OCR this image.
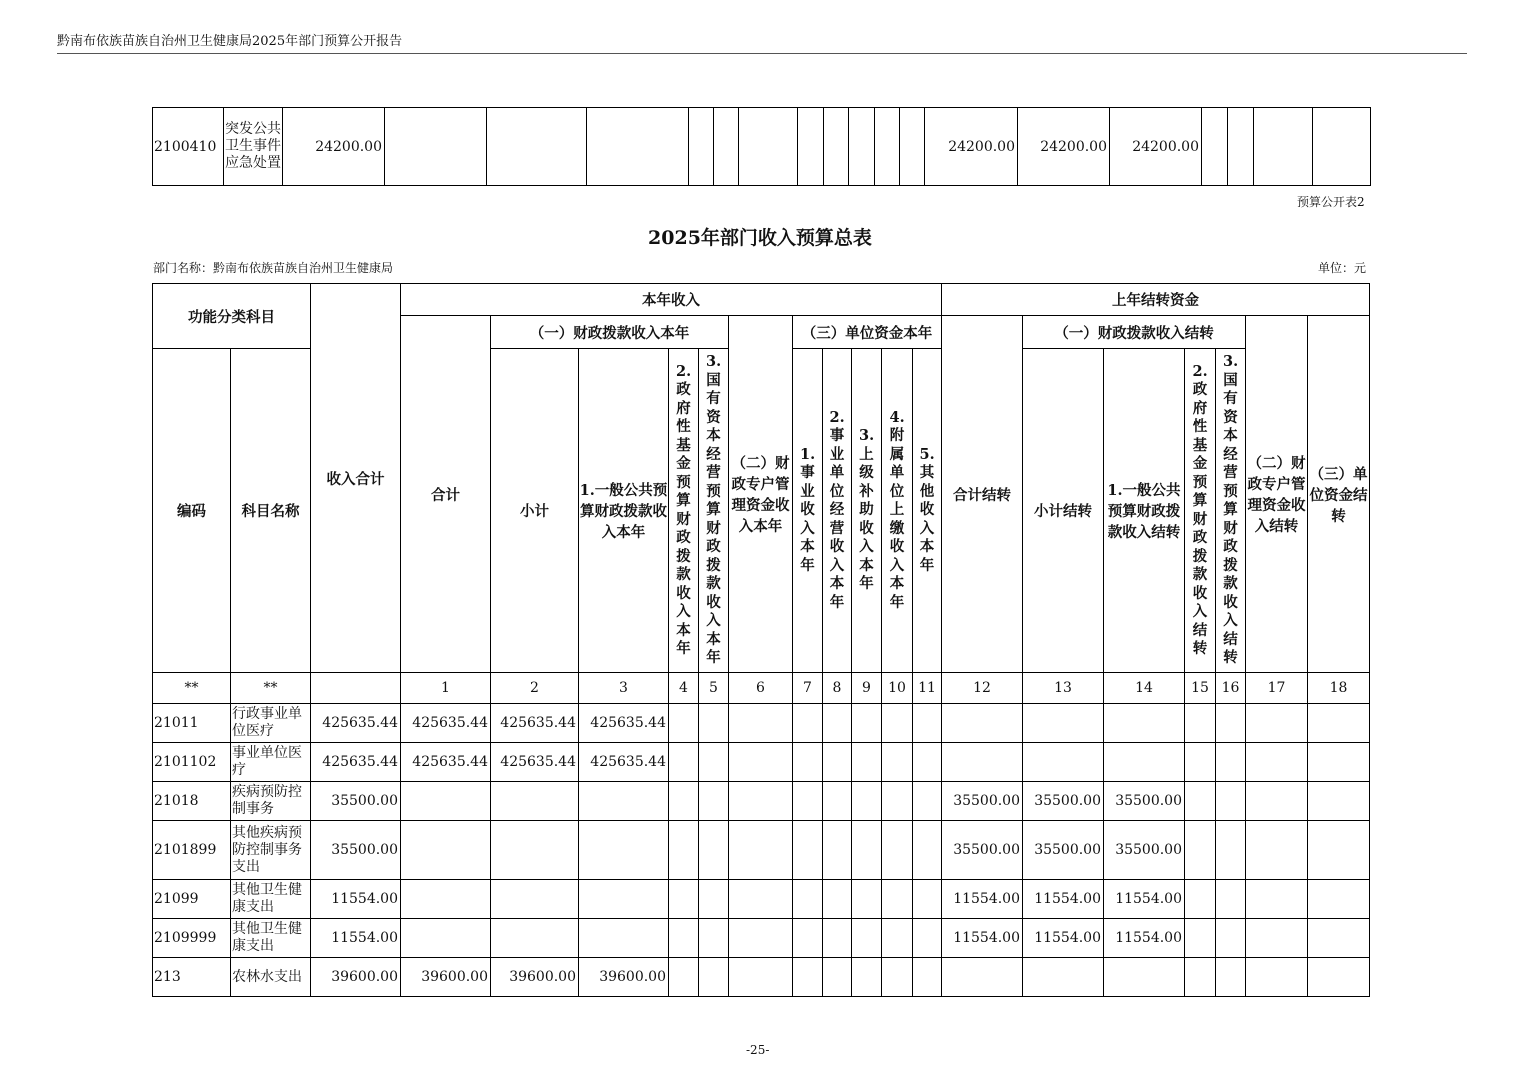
黔南布依族苗族自治州卫生健康局2025年部门预算公开报告
2100410	突发公共卫生事件应急处置	24200.00												24200.00	24200.00	24200.00				
预算公开表2
2025年部门收入预算总表
部门名称：黔南布依族苗族自治州卫生健康局	单位：元
功能分类科目		收入合计	本年收入											上年结转资金						
			合计	（一）财政拨款收入本年				（二）财政专户管理资金收入本年	（三）单位资金本年					合计结转	（一）财政拨款收入结转				（二）财政专户管理资金收入结转	（三）单位资金结转
编码	科目名称			小计	1.一般公共预算财政拨款收入本年	2.政府性基金预算财政拨款收入本年	3.国有资本经营预算财政拨款收入本年		1.事业收入本年	2.事业单位经营收入本年	3.上级补助收入本年	4.附属单位上缴收入本年	5.其他收入本年		小计结转	1.一般公共预算财政拨款收入结转	2.政府性基金预算财政拨款收入结转	3.国有资本经营预算财政拨款收入结转		
**	**		1	2	3	4	5	6	7	8	9	10	11	12	13	14	15	16	17	18
21011	行政事业单位医疗	425635.44	425635.44	425635.44	425635.44															
2101102	事业单位医疗	425635.44	425635.44	425635.44	425635.44															
21018	疾病预防控制事务	35500.00												35500.00	35500.00	35500.00				
2101899	其他疾病预防控制事务支出	35500.00												35500.00	35500.00	35500.00				
21099	其他卫生健康支出	11554.00												11554.00	11554.00	11554.00				
2109999	其他卫生健康支出	11554.00												11554.00	11554.00	11554.00				
213	农林水支出	39600.00	39600.00	39600.00	39600.00															
-25-
